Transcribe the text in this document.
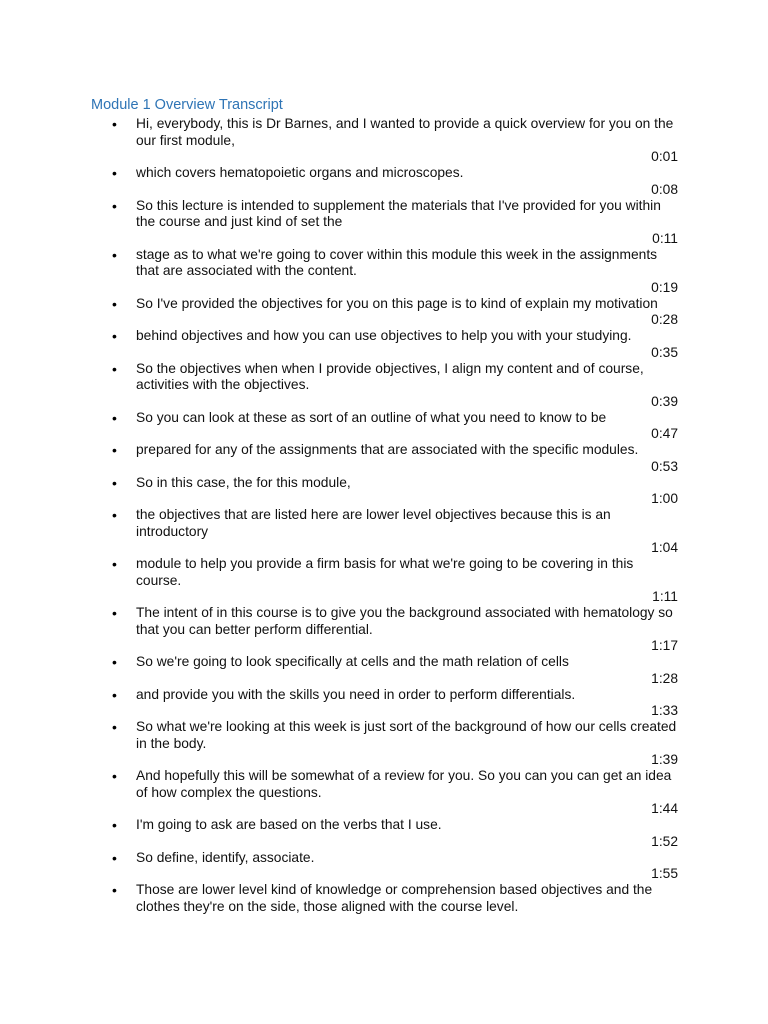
Module 1 Overview Transcript
• Hi, everybody, this is Dr Barnes, and I wanted to provide a quick overview for you on the our first module,
0:01
• which covers hematopoietic organs and microscopes.
0:08
• So this lecture is intended to supplement the materials that I've provided for you within the course and just kind of set the
0:11
• stage as to what we're going to cover within this module this week in the assignments that are associated with the content.
0:19
• So I've provided the objectives for you on this page is to kind of explain my motivation
0:28
• behind objectives and how you can use objectives to help you with your studying.
0:35
• So the objectives when when I provide objectives, I align my content and of course, activities with the objectives.
0:39
• So you can look at these as sort of an outline of what you need to know to be
0:47
• prepared for any of the assignments that are associated with the specific modules.
0:53
• So in this case, the for this module,
1:00
• the objectives that are listed here are lower level objectives because this is an introductory
1:04
• module to help you provide a firm basis for what we're going to be covering in this course.
1:11
• The intent of in this course is to give you the background associated with hematology so that you can better perform differential.
1:17
• So we're going to look specifically at cells and the math relation of cells
1:28
• and provide you with the skills you need in order to perform differentials.
1:33
• So what we're looking at this week is just sort of the background of how our cells created in the body.
1:39
• And hopefully this will be somewhat of a review for you. So you can you can get an idea of how complex the questions.
1:44
• I'm going to ask are based on the verbs that I use.
1:52
• So define, identify, associate.
1:55
• Those are lower level kind of knowledge or comprehension based objectives and the clothes they're on the side, those aligned with the course level.
